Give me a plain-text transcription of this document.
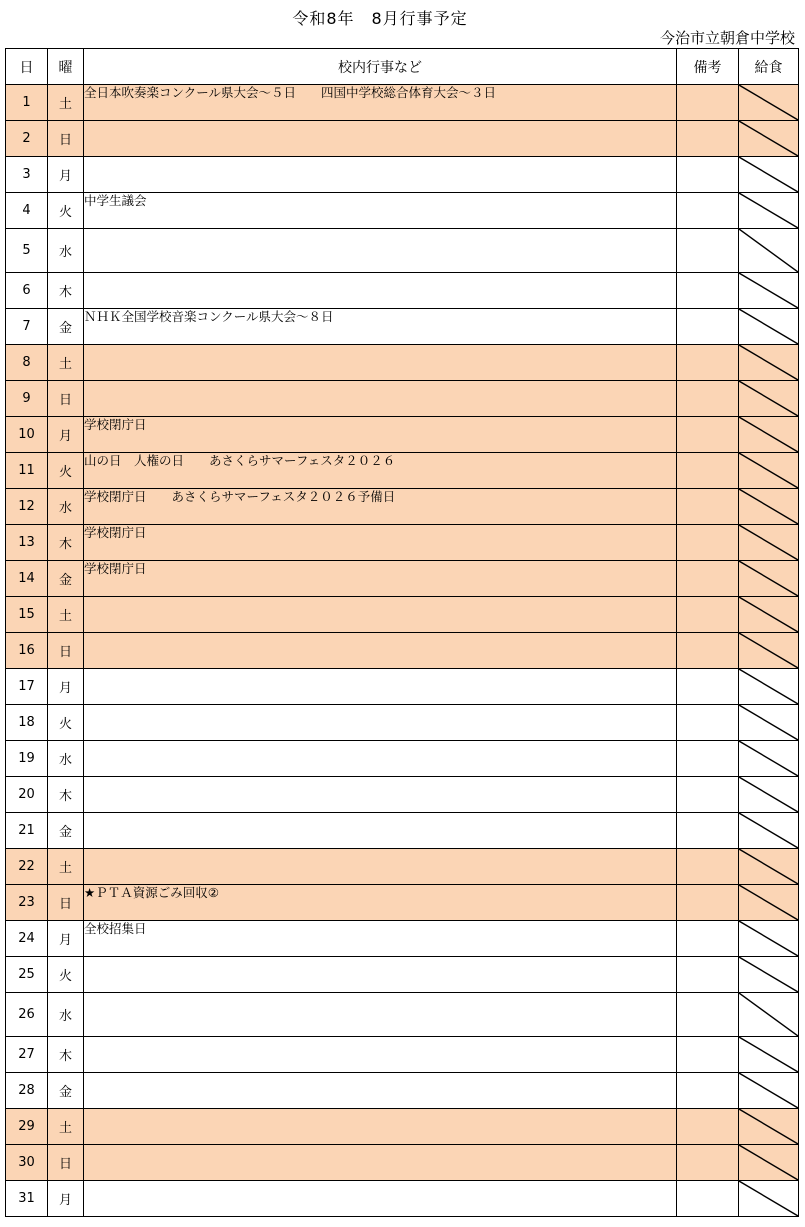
令和8年　8月行事予定
今治市立朝倉中学校
日	曜	校内行事など	備考	給食
1	土	全日本吹奏楽コンクール県大会～５日　　四国中学校総合体育大会～３日		

2	日			

3	月			

4	火	中学生議会		

5	水			

6	木			

7	金	ＮＨＫ全国学校音楽コンクール県大会～８日		

8	土			

9	日			

10	月	学校閉庁日		

11	火	山の日　人権の日　　あさくらサマーフェスタ２０２６		

12	水	学校閉庁日　　あさくらサマーフェスタ２０２６予備日		

13	木	学校閉庁日		

14	金	学校閉庁日		

15	土			

16	日			

17	月			

18	火			

19	水			

20	木			

21	金			

22	土			

23	日	★ＰＴＡ資源ごみ回収②		

24	月	全校招集日		

25	火			

26	水			

27	木			

28	金			

29	土			

30	日			

31	月			
